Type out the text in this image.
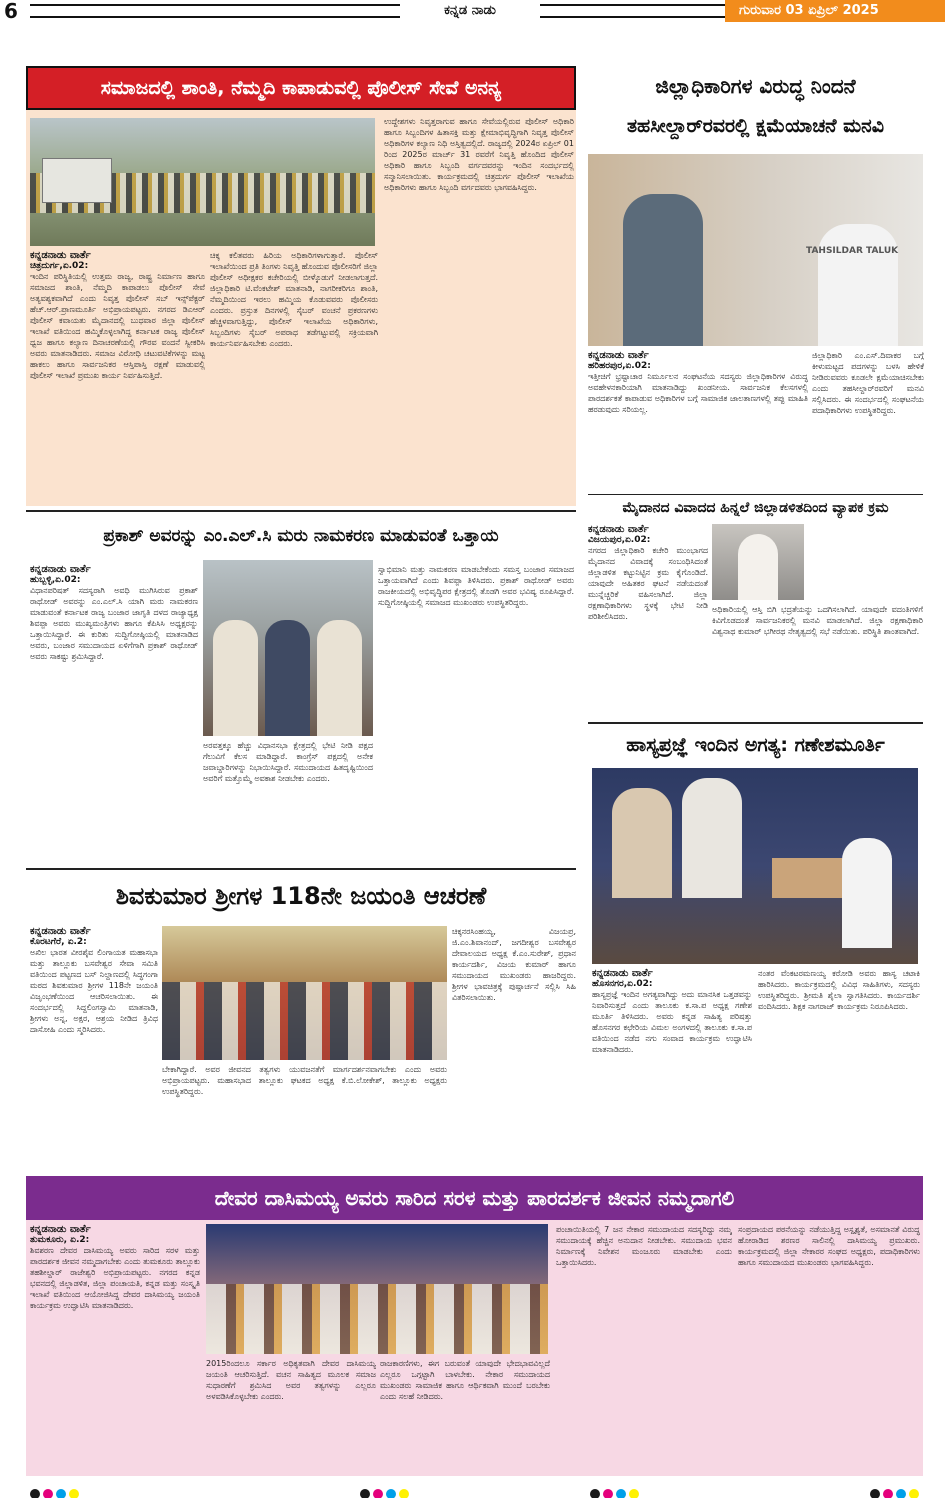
6	ಕನ್ನಡ ನಾಡು	ಗುರುವಾರ 03 ಏಪ್ರಿಲ್ 2025
ಸಮಾಜದಲ್ಲಿ ಶಾಂತಿ, ನೆಮ್ಮದಿ ಕಾಪಾಡುವಲ್ಲಿ ಪೊಲೀಸ್ ಸೇವೆ ಅನನ್ಯ
ಕನ್ನಡನಾಡು ವಾರ್ತೆ
ಚಿತ್ರದುರ್ಗ,ಏ.02:
ಇಂದಿನ ಪರಿಸ್ಥಿತಿಯಲ್ಲಿ ಉತ್ತಮ ರಾಜ್ಯ, ರಾಷ್ಟ್ರ ನಿರ್ಮಾಣ ಹಾಗೂ ಸಮಾಜದ ಶಾಂತಿ, ನೆಮ್ಮದಿ ಕಾಪಾಡಲು ಪೊಲೀಸ್ ಸೇವೆ ಅತ್ಯವಶ್ಯಕವಾಗಿದೆ ಎಂದು ನಿವೃತ್ತ ಪೊಲೀಸ್ ಸಬ್ ಇನ್ಸ್‌ಪೆಕ್ಟರ್ ಹೆಚ್.ಆರ್.ಪ್ರಾಣಮೂರ್ತಿ ಅಭಿಪ್ರಾಯಪಟ್ಟರು. ನಗರದ ಡಿಎಆರ್ ಪೊಲೀಸ್ ಕವಾಯತು ಮೈದಾನದಲ್ಲಿ ಬುಧವಾರ ಜಿಲ್ಲಾ ಪೊಲೀಸ್ ಇಲಾಖೆ ವತಿಯಿಂದ ಹಮ್ಮಿಕೊಳ್ಳಲಾಗಿದ್ದ ಕರ್ನಾಟಕ ರಾಜ್ಯ ಪೊಲೀಸ್ ಧ್ವಜ ಹಾಗೂ ಕಲ್ಯಾಣ ದಿನಾಚರಣೆಯಲ್ಲಿ ಗೌರವ ವಂದನೆ ಸ್ವೀಕರಿಸಿ ಅವರು ಮಾತನಾಡಿದರು. ಸಮಾಜ ವಿರೋಧಿ ಚಟುವಟಿಕೆಗಳನ್ನು ಮಟ್ಟ ಹಾಕಲು ಹಾಗೂ ಸಾರ್ವಜನಿಕರ ಆಸ್ತಿಪಾಸ್ತಿ ರಕ್ಷಣೆ ಮಾಡುವಲ್ಲಿ ಪೊಲೀಸ್ ಇಲಾಖೆ ಪ್ರಮುಖ ಕಾರ್ಯ ನಿರ್ವಹಿಸುತ್ತಿದೆ.
ಚಿಕ್ಕ ಕಲಿತವರು ಹಿರಿಯ ಅಧಿಕಾರಿಗಳಾಗುತ್ತಾರೆ. ಪೊಲೀಸ್ ಇಲಾಖೆಯಿಂದ ಪ್ರತಿ ತಿಂಗಳು ನಿವೃತ್ತಿ ಹೊಂದುವ ಪೊಲೀಸರಿಗೆ ಜಿಲ್ಲಾ ಪೊಲೀಸ್ ಅಧೀಕ್ಷಕರ ಕಚೇರಿಯಲ್ಲಿ ಬೀಳ್ಕೊಡುಗೆ ನೀಡಲಾಗುತ್ತದೆ. ಜಿಲ್ಲಾಧಿಕಾರಿ ಟಿ.ವೆಂಕಟೇಶ್ ಮಾತನಾಡಿ, ನಾಗರೀಕರಿಗೂ ಶಾಂತಿ, ನೆಮ್ಮದಿಯಿಂದ ಇರಲು ಹಮ್ಮಿಯ ಕೊಡುವವರು ಪೊಲೀಸರು ಎಂದರು. ಪ್ರಸ್ತುತ ದಿನಗಳಲ್ಲಿ ಸೈಬರ್ ವಂಚನೆ ಪ್ರಕರಣಗಳು ಹೆಚ್ಚಳವಾಗುತ್ತಿದ್ದು, ಪೊಲೀಸ್ ಇಲಾಖೆಯ ಅಧಿಕಾರಿಗಳು, ಸಿಬ್ಬಂದಿಗಳು ಸೈಬರ್ ಅಪರಾಧ ತಡೆಗಟ್ಟುವಲ್ಲಿ ಸಕ್ರಿಯವಾಗಿ ಕಾರ್ಯನಿರ್ವಹಿಸಬೇಕು ಎಂದರು.
ಉದ್ದೇಶಗಳು ನಿವೃತ್ತರಾಗುವ ಹಾಗೂ ಸೇವೆಯಲ್ಲಿರುವ ಪೊಲೀಸ್ ಅಧಿಕಾರಿ ಹಾಗೂ ಸಿಬ್ಬಂದಿಗಳ ಹಿತಾಸಕ್ತಿ ಮತ್ತು ಕ್ಷೇಮಾಭಿವೃದ್ಧಿಗಾಗಿ ನಿವೃತ್ತ ಪೊಲೀಸ್ ಅಧಿಕಾರಿಗಳ ಕಲ್ಯಾಣ ನಿಧಿ ಅಸ್ತಿತ್ವದಲ್ಲಿದೆ. ರಾಜ್ಯದಲ್ಲಿ 2024ರ ಏಪ್ರಿಲ್ 01 ರಿಂದ 2025ರ ಮಾರ್ಚ್ 31 ರವರೆಗೆ ನಿವೃತ್ತಿ ಹೊಂದಿದ ಪೊಲೀಸ್ ಅಧಿಕಾರಿ ಹಾಗೂ ಸಿಬ್ಬಂದಿ ವರ್ಗದವರನ್ನು ಇಂದಿನ ಸಂದರ್ಭದಲ್ಲಿ ಸನ್ಮಾನಿಸಲಾಯಿತು. ಕಾರ್ಯಕ್ರಮದಲ್ಲಿ ಚಿತ್ರದುರ್ಗ ಪೊಲೀಸ್ ಇಲಾಖೆಯ ಅಧಿಕಾರಿಗಳು ಹಾಗೂ ಸಿಬ್ಬಂದಿ ವರ್ಗದವರು ಭಾಗವಹಿಸಿದ್ದರು.
ಜಿಲ್ಲಾಧಿಕಾರಿಗಳ ವಿರುದ್ಧ ನಿಂದನೆ
ತಹಸೀಲ್ದಾರ್‌ರವರಲ್ಲಿ ಕ್ಷಮೆಯಾಚನೆ ಮನವಿ
TAHSILDAR TALUK
ಕನ್ನಡನಾಡು ವಾರ್ತೆ
ಹರಿಹರಪುರ,ಏ.02:
ಇತ್ತೀಚಿಗೆ ಭ್ರಷ್ಟಾಚಾರ ನಿರ್ಮೂಲನ ಸಂಘಟನೆಯ ಸದಸ್ಯರು ಜಿಲ್ಲಾಧಿಕಾರಿಗಳ ವಿರುದ್ಧ ಅವಹೇಳನಕಾರಿಯಾಗಿ ಮಾತನಾಡಿದ್ದು ಖಂಡನೀಯ. ಸಾರ್ವಜನಿಕ ಕೆಲಸಗಳಲ್ಲಿ ಪಾರದರ್ಶಕತೆ ಕಾಪಾಡುವ ಅಧಿಕಾರಿಗಳ ಬಗ್ಗೆ ಸಾಮಾಜಿಕ ಜಾಲತಾಣಗಳಲ್ಲಿ ತಪ್ಪು ಮಾಹಿತಿ ಹರಡುವುದು ಸರಿಯಲ್ಲ.
ಜಿಲ್ಲಾಧಿಕಾರಿ ಎಂ.ಎಸ್.ದಿವಾಕರ ಬಗ್ಗೆ ಕೀಳುಮಟ್ಟದ ಪದಗಳನ್ನು ಬಳಸಿ ಹೇಳಿಕೆ ನೀಡಿರುವವರು ಕೂಡಲೇ ಕ್ಷಮೆಯಾಚಿಸಬೇಕು ಎಂದು ತಹಸೀಲ್ದಾರ್‌ರವರಿಗೆ ಮನವಿ ಸಲ್ಲಿಸಿದರು. ಈ ಸಂದರ್ಭದಲ್ಲಿ ಸಂಘಟನೆಯ ಪದಾಧಿಕಾರಿಗಳು ಉಪಸ್ಥಿತರಿದ್ದರು.
ಮೈದಾನದ ವಿವಾದದ ಹಿನ್ನಲೆ ಜಿಲ್ಲಾಡಳಿತದಿಂದ ವ್ಯಾಪಕ ಕ್ರಮ
ಕನ್ನಡನಾಡು ವಾರ್ತೆ
ವಿಜಯಪುರ,ಏ.02:
ನಗರದ ಜಿಲ್ಲಾಧಿಕಾರಿ ಕಚೇರಿ ಮುಂಭಾಗದ ಮೈದಾನದ ವಿವಾದಕ್ಕೆ ಸಂಬಂಧಿಸಿದಂತೆ ಜಿಲ್ಲಾಡಳಿತ ಕಟ್ಟುನಿಟ್ಟಿನ ಕ್ರಮ ಕೈಗೊಂಡಿದೆ. ಯಾವುದೇ ಅಹಿತಕರ ಘಟನೆ ನಡೆಯದಂತೆ ಮುನ್ನೆಚ್ಚರಿಕೆ ವಹಿಸಲಾಗಿದೆ. ಜಿಲ್ಲಾ ರಕ್ಷಣಾಧಿಕಾರಿಗಳು ಸ್ಥಳಕ್ಕೆ ಭೇಟಿ ನೀಡಿ ಪರಿಶೀಲಿಸಿದರು.
ಅಧಿಕಾರಿಯಲ್ಲಿ ಆಸ್ತಿ ಬಿಗಿ ಭದ್ರತೆಯನ್ನು ಒದಗಿಸಲಾಗಿದೆ. ಯಾವುದೇ ವದಂತಿಗಳಿಗೆ ಕಿವಿಗೊಡದಂತೆ ಸಾರ್ವಜನಿಕರಲ್ಲಿ ಮನವಿ ಮಾಡಲಾಗಿದೆ. ಜಿಲ್ಲಾ ರಕ್ಷಣಾಧಿಕಾರಿ ವಿಶ್ವನಾಥ ಕುಮಾರ್ ಭಗೀರಥ ನೇತೃತ್ವದಲ್ಲಿ ಸಭೆ ನಡೆಯಿತು. ಪರಿಸ್ಥಿತಿ ಶಾಂತವಾಗಿದೆ.
ಪ್ರಕಾಶ್ ಅವರನ್ನು ಎಂ.ಎಲ್.ಸಿ ಮರು ನಾಮಕರಣ ಮಾಡುವಂತೆ ಒತ್ತಾಯ
ಕನ್ನಡನಾಡು ವಾರ್ತೆ
ಹುಬ್ಬಳ್ಳಿ,ಏ.02:
ವಿಧಾನಪರಿಷತ್ ಸದಸ್ಯರಾಗಿ ಅವಧಿ ಮುಗಿಸಿರುವ ಪ್ರಕಾಶ್ ರಾಥೋಡ್ ಅವರನ್ನು ಎಂ.ಎಲ್.ಸಿ ಯಾಗಿ ಮರು ನಾಮಕರಣ ಮಾಡುವಂತೆ ಕರ್ನಾಟಕ ರಾಜ್ಯ ಬಂಜಾರ ಜಾಗೃತಿ ದಳದ ರಾಜ್ಯಾಧ್ಯಕ್ಷ ಶಿವಪ್ಪಾ ಅವರು ಮುಖ್ಯಮಂತ್ರಿಗಳು ಹಾಗೂ ಕೆಪಿಸಿಸಿ ಅಧ್ಯಕ್ಷರನ್ನು ಒತ್ತಾಯಿಸಿದ್ದಾರೆ. ಈ ಕುರಿತು ಸುದ್ದಿಗೋಷ್ಠಿಯಲ್ಲಿ ಮಾತನಾಡಿದ ಅವರು, ಬಂಜಾರ ಸಮುದಾಯದ ಏಳಿಗೆಗಾಗಿ ಪ್ರಕಾಶ್ ರಾಥೋಡ್ ಅವರು ಸಾಕಷ್ಟು ಶ್ರಮಿಸಿದ್ದಾರೆ.
ಅರವತ್ತಕ್ಕೂ ಹೆಚ್ಚು ವಿಧಾನಸಭಾ ಕ್ಷೇತ್ರದಲ್ಲಿ ಭೇಟಿ ನೀಡಿ ಪಕ್ಷದ ಗೆಲುವಿಗೆ ಕೆಲಸ ಮಾಡಿದ್ದಾರೆ. ಕಾಂಗ್ರೆಸ್ ಪಕ್ಷದಲ್ಲಿ ಅನೇಕ ಜವಾಬ್ದಾರಿಗಳನ್ನು ನಿಭಾಯಿಸಿದ್ದಾರೆ. ಸಮುದಾಯದ ಹಿತದೃಷ್ಟಿಯಿಂದ ಅವರಿಗೆ ಮತ್ತೊಮ್ಮೆ ಅವಕಾಶ ನೀಡಬೇಕು ಎಂದರು.
ಸ್ವಾಭಿಮಾನಿ ಮತ್ತು ನಾಮಕರಣ ಮಾಡಬೇಕೆಂದು ಸಮಸ್ತ ಬಂಜಾರ ಸಮಾಜದ ಒತ್ತಾಯವಾಗಿದೆ ಎಂದು ಶಿವಪ್ಪಾ ತಿಳಿಸಿದರು. ಪ್ರಕಾಶ್ ರಾಥೋಡ್ ಅವರು ರಾಜಕೀಯದಲ್ಲಿ ಅಭಿವೃದ್ಧಿಪರ ಕ್ಷೇತ್ರದಲ್ಲಿ ತೊಡಗಿ ಅವರ ಭವಿಷ್ಯ ರೂಪಿಸಿದ್ದಾರೆ. ಸುದ್ದಿಗೋಷ್ಠಿಯಲ್ಲಿ ಸಮಾಜದ ಮುಖಂಡರು ಉಪಸ್ಥಿತರಿದ್ದರು.
ಹಾಸ್ಯಪ್ರಜ್ಞೆ ಇಂದಿನ ಅಗತ್ಯ: ಗಣೇಶಮೂರ್ತಿ
ಕನ್ನಡನಾಡು ವಾರ್ತೆ
ಹೊಸನಗರ,ಏ.02:
ಹಾಸ್ಯಪ್ರಜ್ಞೆ ಇಂದಿನ ಅಗತ್ಯವಾಗಿದ್ದು ಅದು ಮಾನಸಿಕ ಒತ್ತಡವನ್ನು ನಿವಾರಿಸುತ್ತದೆ ಎಂದು ತಾಲೂಕು ಕ.ಸಾ.ಪ ಅಧ್ಯಕ್ಷ ಗಣೇಶ ಮೂರ್ತಿ ತಿಳಿಸಿದರು. ಅವರು ಕನ್ನಡ ಸಾಹಿತ್ಯ ಪರಿಷತ್ತು ಹೊಸನಗರ ಕಛೇರಿಯ ವಿಮಲ ಅಂಗಳದಲ್ಲಿ ತಾಲೂಕು ಕ.ಸಾ.ಪ ವತಿಯಿಂದ ನಡೆದ ನಗು ಸಂವಾದ ಕಾರ್ಯಕ್ರಮ ಉದ್ಘಾಟಿಸಿ ಮಾತನಾಡಿದರು.
ನಂತರ ವೆಂಕಟರಮಣಯ್ಯ ಕರೋಡಿ ಅವರು ಹಾಸ್ಯ ಚಟಾಕಿ ಹಾರಿಸಿದರು. ಕಾರ್ಯಕ್ರಮದಲ್ಲಿ ವಿವಿಧ ಸಾಹಿತಿಗಳು, ಸದಸ್ಯರು ಉಪಸ್ಥಿತರಿದ್ದರು. ಶ್ರೀಮತಿ ಶೈಲಾ ಸ್ವಾಗತಿಸಿದರು. ಕಾರ್ಯದರ್ಶಿ ವಂದಿಸಿದರು. ಶಿಕ್ಷಕ ನಾಗರಾಜ್ ಕಾರ್ಯಕ್ರಮ ನಿರೂಪಿಸಿದರು.
ಶಿವಕುಮಾರ ಶ್ರೀಗಳ 118ನೇ ಜಯಂತಿ ಆಚರಣೆ
ಕನ್ನಡನಾಡು ವಾರ್ತೆ
ಕೊರಟಗೆರೆ, ಏ.2:
ಅಖಿಲ ಭಾರತ ವೀರಶೈವ ಲಿಂಗಾಯತ ಮಹಾಸಭಾ ಮತ್ತು ತಾಲ್ಲೂಕು ಬಸವೇಶ್ವರ ಸೇವಾ ಸಮಿತಿ ವತಿಯಿಂದ ಪಟ್ಟಣದ ಬಸ್ ನಿಲ್ದಾಣದಲ್ಲಿ ಸಿದ್ಧಗಂಗಾ ಮಠದ ಶಿವಕುಮಾರ ಶ್ರೀಗಳ 118ನೇ ಜಯಂತಿ ವಿಜೃಂಭಣೆಯಿಂದ ಆಚರಿಸಲಾಯಿತು. ಈ ಸಂದರ್ಭದಲ್ಲಿ ಸಿದ್ದಲಿಂಗಸ್ವಾಮಿ ಮಾತನಾಡಿ, ಶ್ರೀಗಳು ಅನ್ನ, ಅಕ್ಷರ, ಆಶ್ರಯ ನೀಡಿದ ತ್ರಿವಿಧ ದಾಸೋಹಿ ಎಂದು ಸ್ಮರಿಸಿದರು.
ಬೇಕಾಗಿದ್ದಾರೆ. ಅವರ ಜೀವನದ ತತ್ವಗಳು ಯುವಜನತೆಗೆ ಮಾರ್ಗದರ್ಶನವಾಗಬೇಕು ಎಂದು ಅವರು ಅಭಿಪ್ರಾಯಪಟ್ಟರು. ಮಹಾಸಭಾದ ತಾಲ್ಲೂಕು ಘಟಕದ ಅಧ್ಯಕ್ಷ ಕೆ.ಬಿ.ಲೋಕೇಶ್, ತಾಲ್ಲೂಕು ಅಧ್ಯಕ್ಷರು ಉಪಸ್ಥಿತರಿದ್ದರು.
ಚಿಕ್ಕನರಸಿಂಹಯ್ಯ, ವಿಜಯಪ್ರ, ಜಿ.ಎಂ.ಶಿವಾನಂದ್, ಜಗದೀಶ್ವರ ಬಸವೇಶ್ವರ ದೇವಾಲಯದ ಅಧ್ಯಕ್ಷ ಕೆ.ಎಂ.ಸುರೇಶ್, ಪ್ರಧಾನ ಕಾರ್ಯದರ್ಶಿ, ವಿಜಯ ಕುಮಾರ್ ಹಾಗೂ ಸಮುದಾಯದ ಮುಖಂಡರು ಹಾಜರಿದ್ದರು. ಶ್ರೀಗಳ ಭಾವಚಿತ್ರಕ್ಕೆ ಪುಷ್ಪಾರ್ಚನೆ ಸಲ್ಲಿಸಿ ಸಿಹಿ ವಿತರಿಸಲಾಯಿತು.
ದೇವರ ದಾಸಿಮಯ್ಯ ಅವರು ಸಾರಿದ ಸರಳ ಮತ್ತು ಪಾರದರ್ಶಕ ಜೀವನ ನಮ್ಮದಾಗಲಿ
ಕನ್ನಡನಾಡು ವಾರ್ತೆ
ತುಮಕೂರು, ಏ.2:
ಶಿವಶರಣ ದೇವರ ದಾಸಿಮಯ್ಯ ಅವರು ಸಾರಿದ ಸರಳ ಮತ್ತು ಪಾರದರ್ಶಕ ಜೀವನ ನಮ್ಮದಾಗಬೇಕು ಎಂದು ತುಮಕೂರು ತಾಲ್ಲೂಕು ತಹಶೀಲ್ದಾರ್ ರಾಜೇಶ್ವರಿ ಅಭಿಪ್ರಾಯಪಟ್ಟರು. ನಗರದ ಕನ್ನಡ ಭವನದಲ್ಲಿ ಜಿಲ್ಲಾಡಳಿತ, ಜಿಲ್ಲಾ ಪಂಚಾಯತಿ, ಕನ್ನಡ ಮತ್ತು ಸಂಸ್ಕೃತಿ ಇಲಾಖೆ ವತಿಯಿಂದ ಆಯೋಜಿಸಿದ್ದ ದೇವರ ದಾಸಿಮಯ್ಯ ಜಯಂತಿ ಕಾರ್ಯಕ್ರಮ ಉದ್ಘಾಟಿಸಿ ಮಾತನಾಡಿದರು.
2015ರಿಂದಲೂ ಸರ್ಕಾರ ಅಧಿಕೃತವಾಗಿ ದೇವರ ದಾಸಿಮಯ್ಯ ಜಯಂತಿ ಆಚರಿಸುತ್ತಿದೆ. ವಚನ ಸಾಹಿತ್ಯದ ಮೂಲಕ ಸಮಾಜ ಸುಧಾರಣೆಗೆ ಶ್ರಮಿಸಿದ ಅವರ ತತ್ವಗಳನ್ನು ಎಲ್ಲರೂ ಅಳವಡಿಸಿಕೊಳ್ಳಬೇಕು ಎಂದರು.
ರಾಜಕಾರಣಿಗಳು, ಈಗ ಬರುವಂತೆ ಯಾವುದೇ ಭೇದಭಾವವಿಲ್ಲದೆ ಎಲ್ಲರೂ ಒಗ್ಗಟ್ಟಾಗಿ ಬಾಳಬೇಕು. ನೇಕಾರ ಸಮುದಾಯದ ಮುಖಂಡರು ಸಾಮಾಜಿಕ ಹಾಗೂ ಆರ್ಥಿಕವಾಗಿ ಮುಂದೆ ಬರಬೇಕು ಎಂದು ಸಲಹೆ ನೀಡಿದರು.
ಪಂಚಾಯಿತಿಯಲ್ಲಿ 7 ಜನ ನೇಕಾರ ಸಮುದಾಯದ ಸದಸ್ಯರಿದ್ದು ನಮ್ಮ ಸಮುದಾಯಕ್ಕೆ ಹೆಚ್ಚಿನ ಅನುದಾನ ನೀಡಬೇಕು. ಸಮುದಾಯ ಭವನ ನಿರ್ಮಾಣಕ್ಕೆ ನಿವೇಶನ ಮಂಜೂರು ಮಾಡಬೇಕು ಎಂದು ಒತ್ತಾಯಿಸಿದರು.
ಸಂಪ್ರದಾಯದ ಪಠನೆಯನ್ನು ನಡೆಯುತ್ತಿದ್ದ ಅಸ್ಪೃಶ್ಯತೆ, ಅಸಮಾನತೆ ವಿರುದ್ಧ ಹೋರಾಡಿದ ಶರಣರ ಸಾಲಿನಲ್ಲಿ ದಾಸಿಮಯ್ಯ ಪ್ರಮುಖರು. ಕಾರ್ಯಕ್ರಮದಲ್ಲಿ ಜಿಲ್ಲಾ ನೇಕಾರರ ಸಂಘದ ಅಧ್ಯಕ್ಷರು, ಪದಾಧಿಕಾರಿಗಳು ಹಾಗೂ ಸಮುದಾಯದ ಮುಖಂಡರು ಭಾಗವಹಿಸಿದ್ದರು.
